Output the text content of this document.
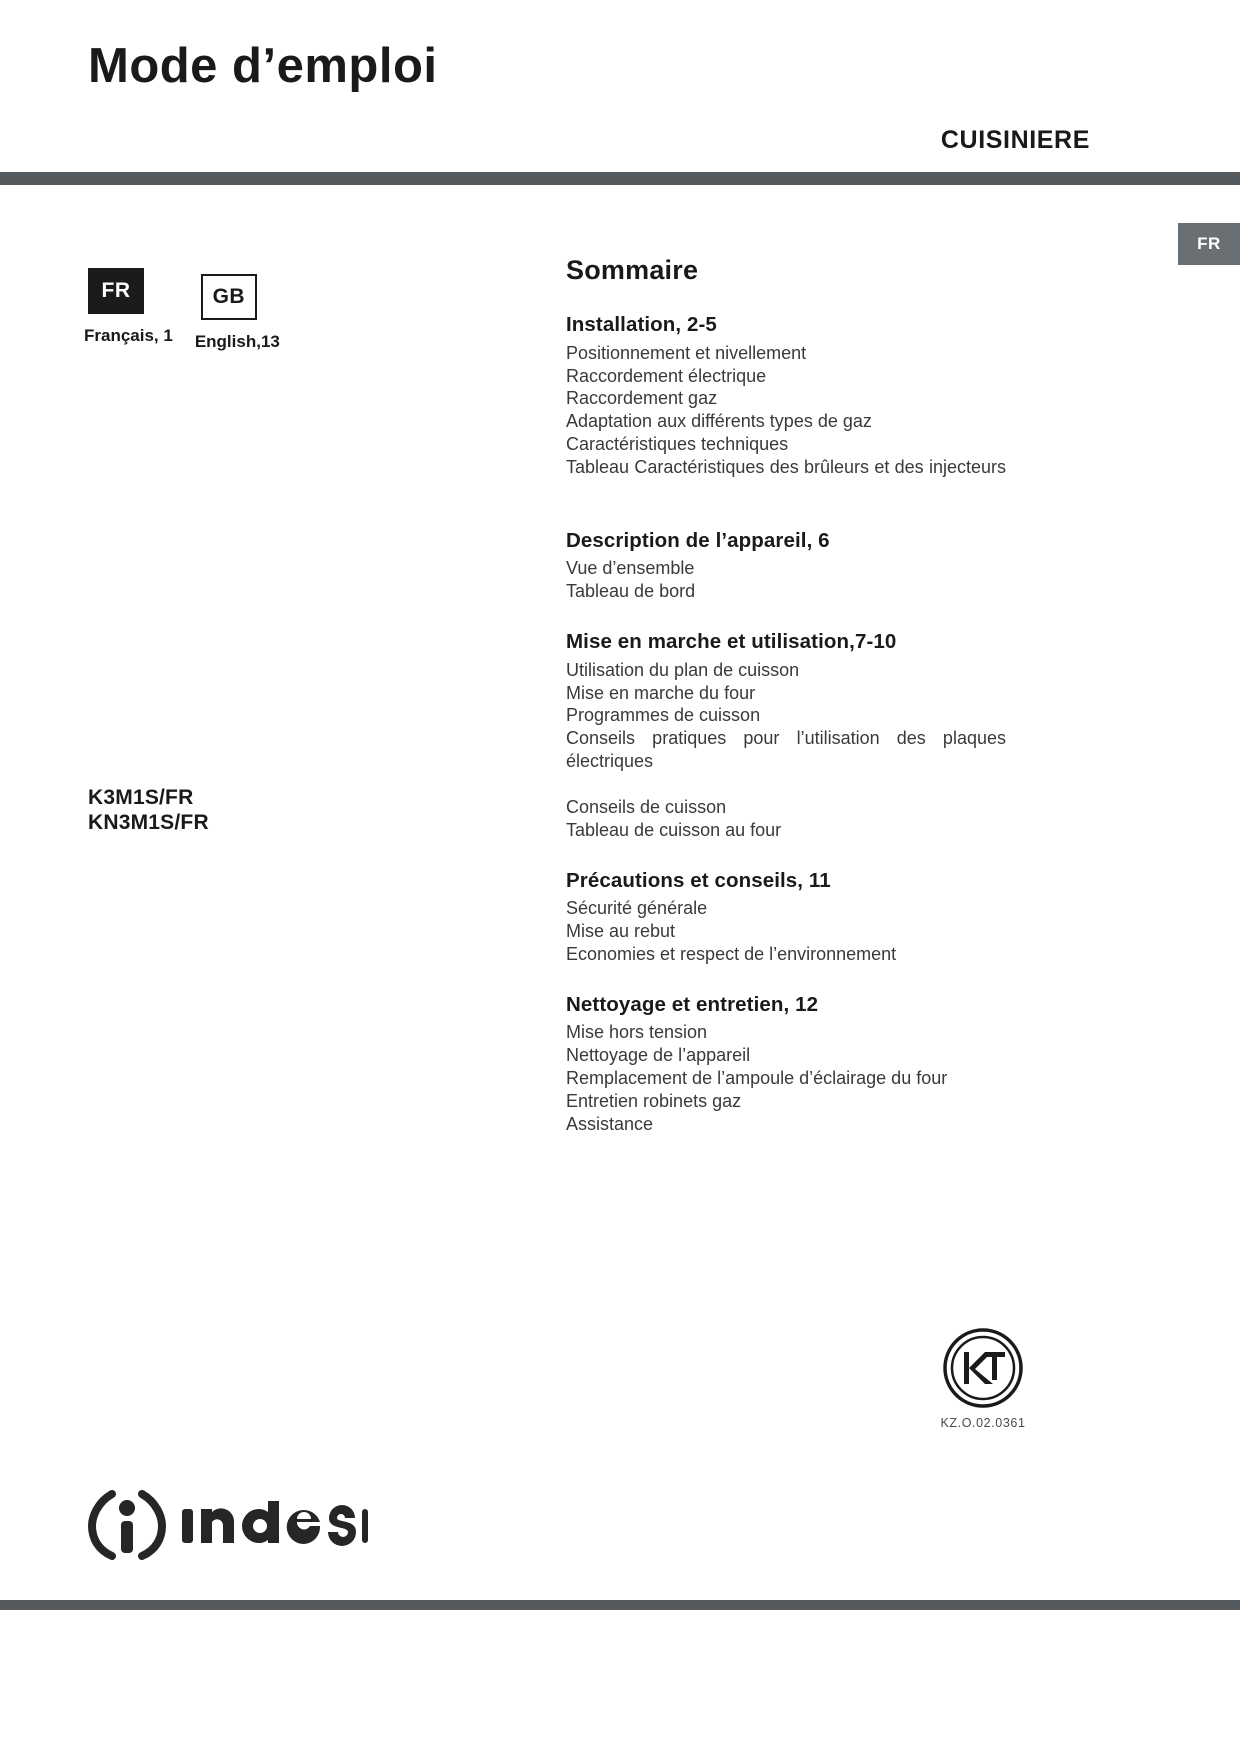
Mode d’emploi
CUISINIERE
FR
FR
Français, 1
GB
English,13
K3M1S/FR
KN3M1S/FR
Sommaire
Installation, 2-5
Positionnement et nivellement
Raccordement électrique
Raccordement gaz
Adaptation aux différents types de gaz
Caractéristiques techniques
Tableau Caractéristiques des brûleurs et des injecteurs
Description de l’appareil, 6
Vue d’ensemble
Tableau de bord
Mise en marche et utilisation,7-10
Utilisation du plan de cuisson
Mise en marche du four
Programmes de cuisson
Conseils pratiques pour l’utilisation des plaques électriques
Conseils de cuisson
Tableau de cuisson au four
Précautions et conseils, 11
Sécurité générale
Mise au rebut
Economies et respect de l’environnement
Nettoyage et entretien, 12
Mise hors tension
Nettoyage de l’appareil
Remplacement de l’ampoule d’éclairage du four
Entretien robinets gaz
Assistance
KZ.O.02.0361
